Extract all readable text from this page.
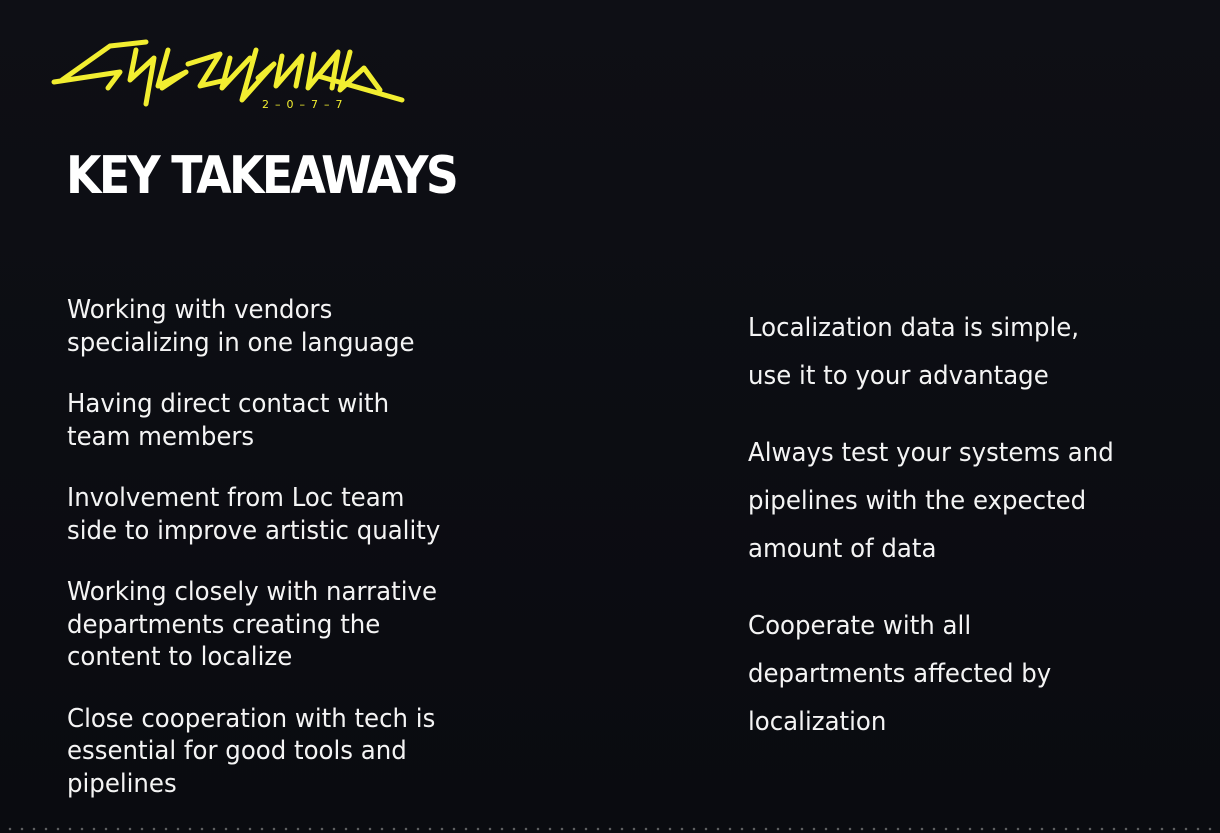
2–0–7–7
KEY TAKEAWAYS
Working with vendors
specializing in one language
Having direct contact with
team members
Involvement from Loc team
side to improve artistic quality
Working closely with narrative
departments creating the
content to localize
Close cooperation with tech is
essential for good tools and
pipelines
Localization data is simple,
use it to your advantage
Always test your systems and
pipelines with the expected
amount of data
Cooperate with all
departments affected by
localization
